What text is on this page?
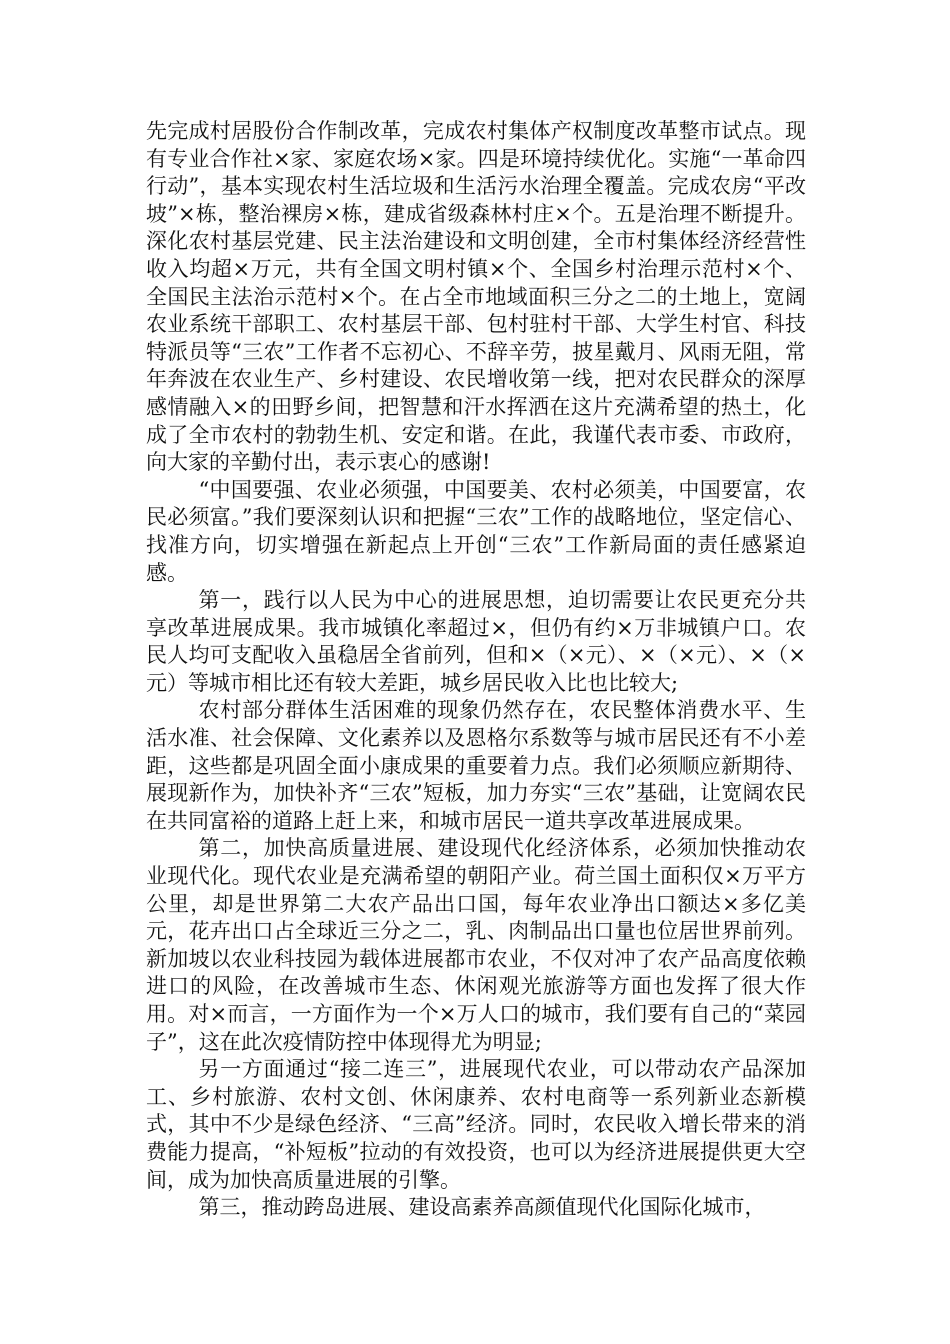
先完成村居股份合作制改革，完成农村集体产权制度改革整市试点。现有专业合作社×家、家庭农场×家。四是环境持续优化。实施“一革命四行动”，基本实现农村生活垃圾和生活污水治理全覆盖。完成农房“平改坡”×栋，整治裸房×栋，建成省级森林村庄×个。五是治理不断提升。深化农村基层党建、民主法治建设和文明创建，全市村集体经济经营性收入均超×万元，共有全国文明村镇×个、全国乡村治理示范村×个、全国民主法治示范村×个。在占全市地域面积三分之二的土地上，宽阔农业系统干部职工、农村基层干部、包村驻村干部、大学生村官、科技特派员等“三农”工作者不忘初心、不辞辛劳，披星戴月、风雨无阻，常年奔波在农业生产、乡村建设、农民增收第一线，把对农民群众的深厚感情融入×的田野乡间，把智慧和汗水挥洒在这片充满希望的热土，化成了全市农村的勃勃生机、安定和谐。在此，我谨代表市委、市政府，向大家的辛勤付出，表示衷心的感谢!

“中国要强、农业必须强，中国要美、农村必须美，中国要富，农民必须富。”我们要深刻认识和把握“三农”工作的战略地位，坚定信心、找准方向，切实增强在新起点上开创“三农”工作新局面的责任感紧迫感。

第一，践行以人民为中心的进展思想，迫切需要让农民更充分共享改革进展成果。我市城镇化率超过×，但仍有约×万非城镇户口。农民人均可支配收入虽稳居全省前列，但和×（×元）、×（×元）、×（×元）等城市相比还有较大差距，城乡居民收入比也比较大;

农村部分群体生活困难的现象仍然存在，农民整体消费水平、生活水准、社会保障、文化素养以及恩格尔系数等与城市居民还有不小差距，这些都是巩固全面小康成果的重要着力点。我们必须顺应新期待、展现新作为，加快补齐“三农”短板，加力夯实“三农”基础，让宽阔农民在共同富裕的道路上赶上来，和城市居民一道共享改革进展成果。

第二，加快高质量进展、建设现代化经济体系，必须加快推动农业现代化。现代农业是充满希望的朝阳产业。荷兰国土面积仅×万平方公里，却是世界第二大农产品出口国，每年农业净出口额达×多亿美元，花卉出口占全球近三分之二，乳、肉制品出口量也位居世界前列。新加坡以农业科技园为载体进展都市农业，不仅对冲了农产品高度依赖进口的风险，在改善城市生态、休闲观光旅游等方面也发挥了很大作用。对×而言，一方面作为一个×万人口的城市，我们要有自己的“菜园子”，这在此次疫情防控中体现得尤为明显;

另一方面通过“接二连三”，进展现代农业，可以带动农产品深加工、乡村旅游、农村文创、休闲康养、农村电商等一系列新业态新模式，其中不少是绿色经济、“三高”经济。同时，农民收入增长带来的消费能力提高，“补短板”拉动的有效投资，也可以为经济进展提供更大空间，成为加快高质量进展的引擎。

第三，推动跨岛进展、建设高素养高颜值现代化国际化城市，
